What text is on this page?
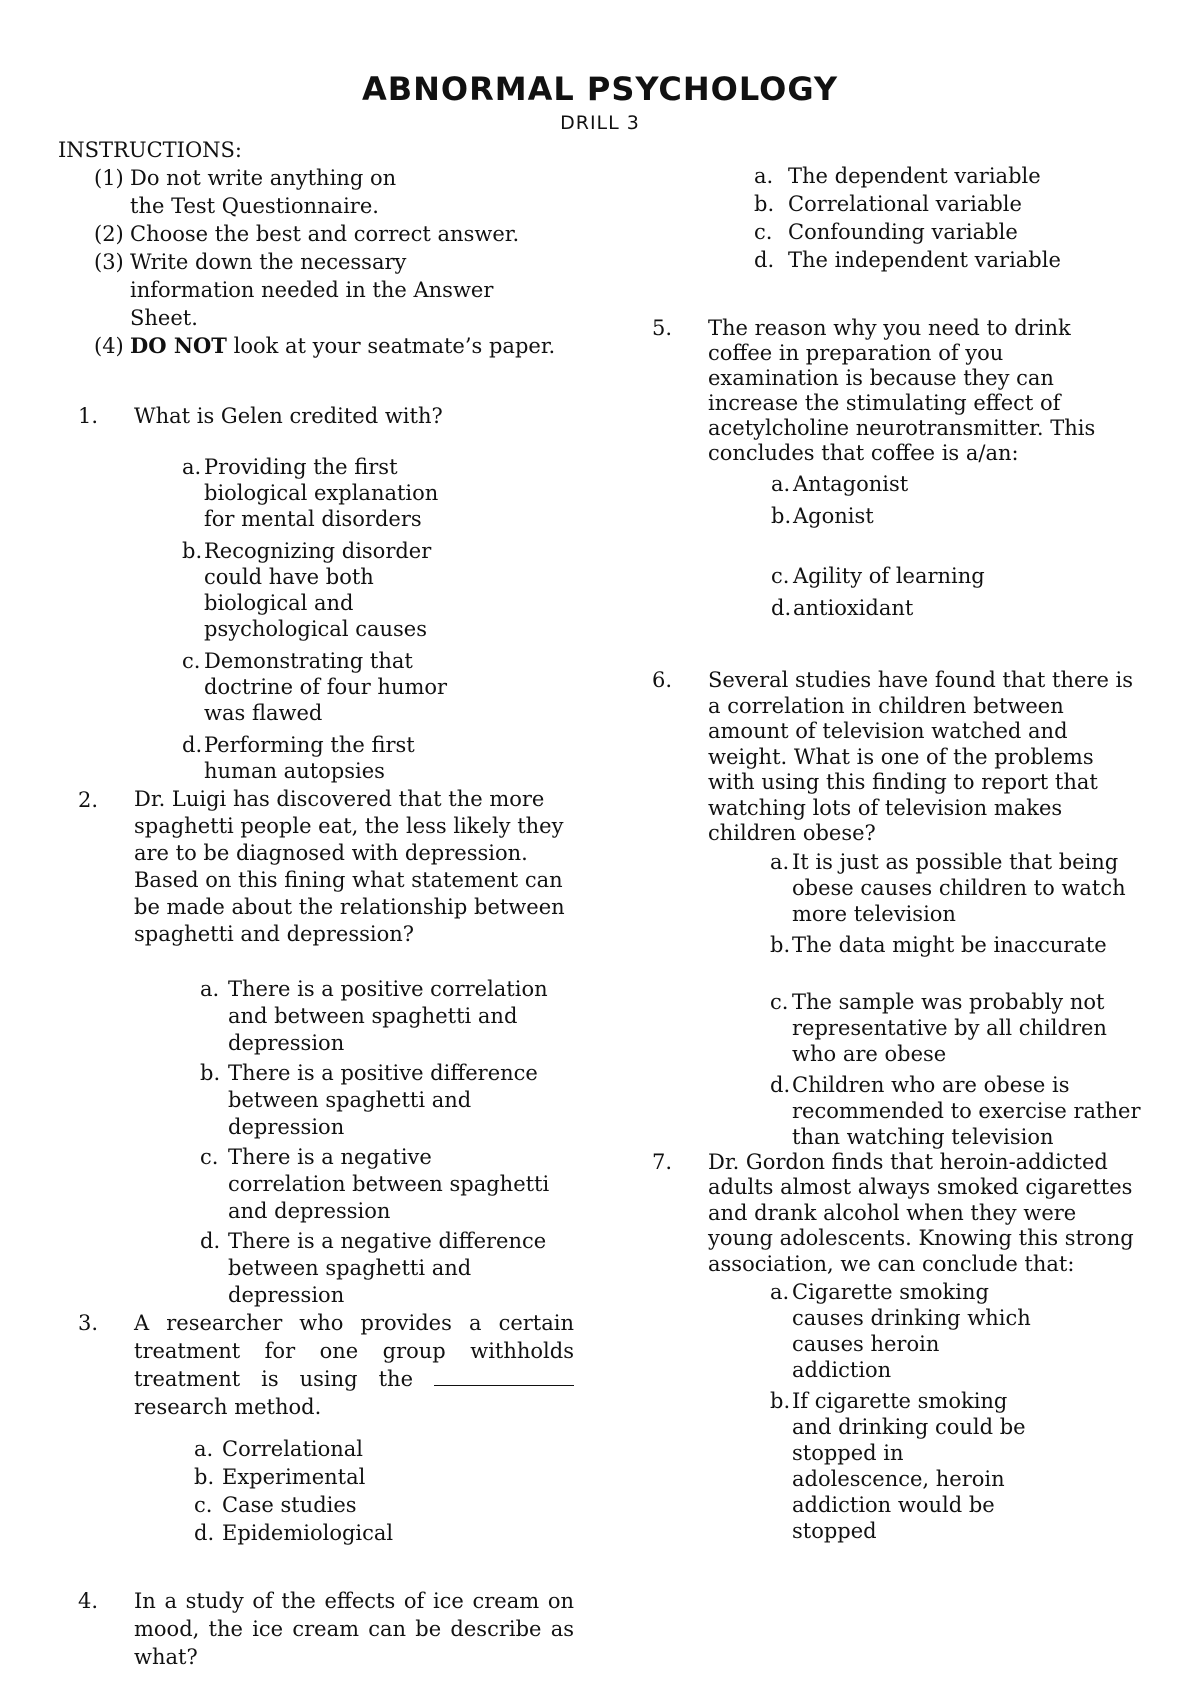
ABNORMAL PSYCHOLOGY
DRILL 3
INSTRUCTIONS:
(1) Do not write anything on the Test Questionnaire.
(2) Choose the best and correct answer.
(3) Write down the necessary information needed in the Answer Sheet.
(4) DO NOT look at your seatmate’s paper.
1.	What is Gelen credited with?
a. Providing the first biological explanation for mental disorders
b. Recognizing disorder could have both biological and psychological causes
c. Demonstrating that doctrine of four humor was flawed
d. Performing the first human autopsies
2.	Dr. Luigi has discovered that the more spaghetti people eat, the less likely they are to be diagnosed with depression. Based on this fining what statement can be made about the relationship between spaghetti and depression?
a. There is a positive correlation and between spaghetti and depression
b. There is a positive difference between spaghetti and depression
c. There is a negative correlation between spaghetti and depression
d. There is a negative difference between spaghetti and depression
3.	A researcher who provides a certain treatment for one group withholds treatment is using the  research method.
a. Correlational
b. Experimental
c. Case studies
d. Epidemiological
4.	In a study of the effects of ice cream on mood, the ice cream can be describe as what?
a. The dependent variable
b. Correlational variable
c. Confounding variable
d. The independent variable
5.	The reason why you need to drink coffee in preparation of you examination is because they can increase the stimulating effect of acetylcholine neurotransmitter. This concludes that coffee is a/an:
a. Antagonist
b. Agonist
c. Agility of learning
d. antioxidant
6.	Several studies have found that there is a correlation in children between amount of television watched and weight. What is one of the problems with using this finding to report that watching lots of television makes children obese?
a. It is just as possible that being obese causes children to watch more television
b. The data might be inaccurate
c. The sample was probably not representative by all children who are obese
d. Children who are obese is recommended to exercise rather than watching television
7.	Dr. Gordon finds that heroin-addicted adults almost always smoked cigarettes and drank alcohol when they were young adolescents. Knowing this strong association, we can conclude that:
a. Cigarette smoking causes drinking which causes heroin addiction
b. If cigarette smoking and drinking could be stopped in adolescence, heroin addiction would be stopped
